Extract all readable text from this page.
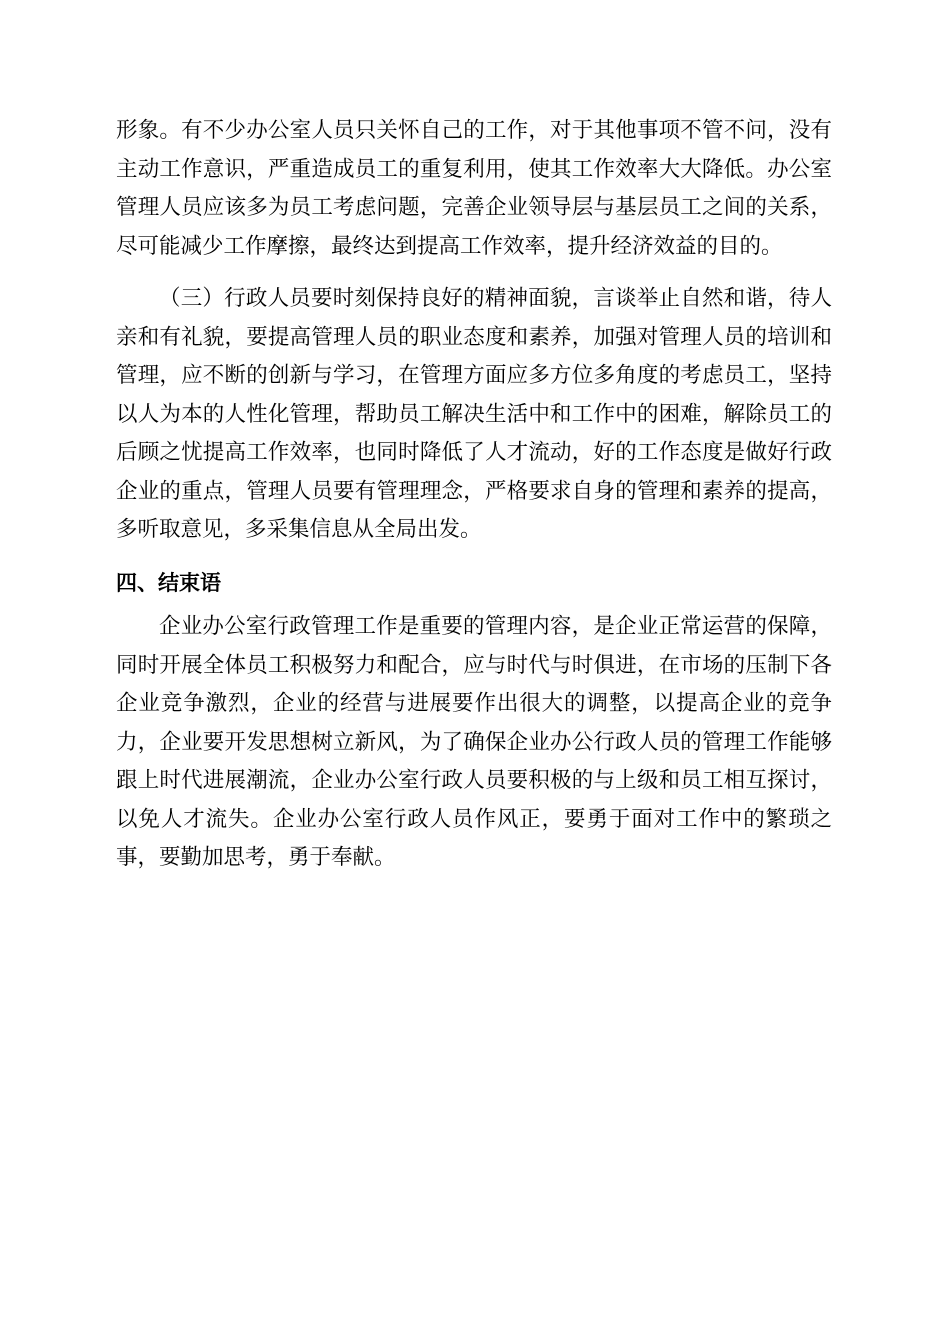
形象。有不少办公室人员只关怀自己的工作，对于其他事项不管不问，没有主动工作意识，严重造成员工的重复利用，使其工作效率大大降低。办公室管理人员应该多为员工考虑问题，完善企业领导层与基层员工之间的关系，尽可能减少工作摩擦，最终达到提高工作效率，提升经济效益的目的。

（三）行政人员要时刻保持良好的精神面貌，言谈举止自然和谐，待人亲和有礼貌，要提高管理人员的职业态度和素养，加强对管理人员的培训和管理，应不断的创新与学习，在管理方面应多方位多角度的考虑员工，坚持以人为本的人性化管理，帮助员工解决生活中和工作中的困难，解除员工的后顾之忧提高工作效率，也同时降低了人才流动，好的工作态度是做好行政企业的重点，管理人员要有管理理念，严格要求自身的管理和素养的提高，多听取意见，多采集信息从全局出发。

四、结束语

企业办公室行政管理工作是重要的管理内容，是企业正常运营的保障，同时开展全体员工积极努力和配合，应与时代与时俱进，在市场的压制下各企业竞争激烈，企业的经营与进展要作出很大的调整，以提高企业的竞争力，企业要开发思想树立新风，为了确保企业办公行政人员的管理工作能够跟上时代进展潮流，企业办公室行政人员要积极的与上级和员工相互探讨，以免人才流失。企业办公室行政人员作风正，要勇于面对工作中的繁琐之事，要勤加思考，勇于奉献。
